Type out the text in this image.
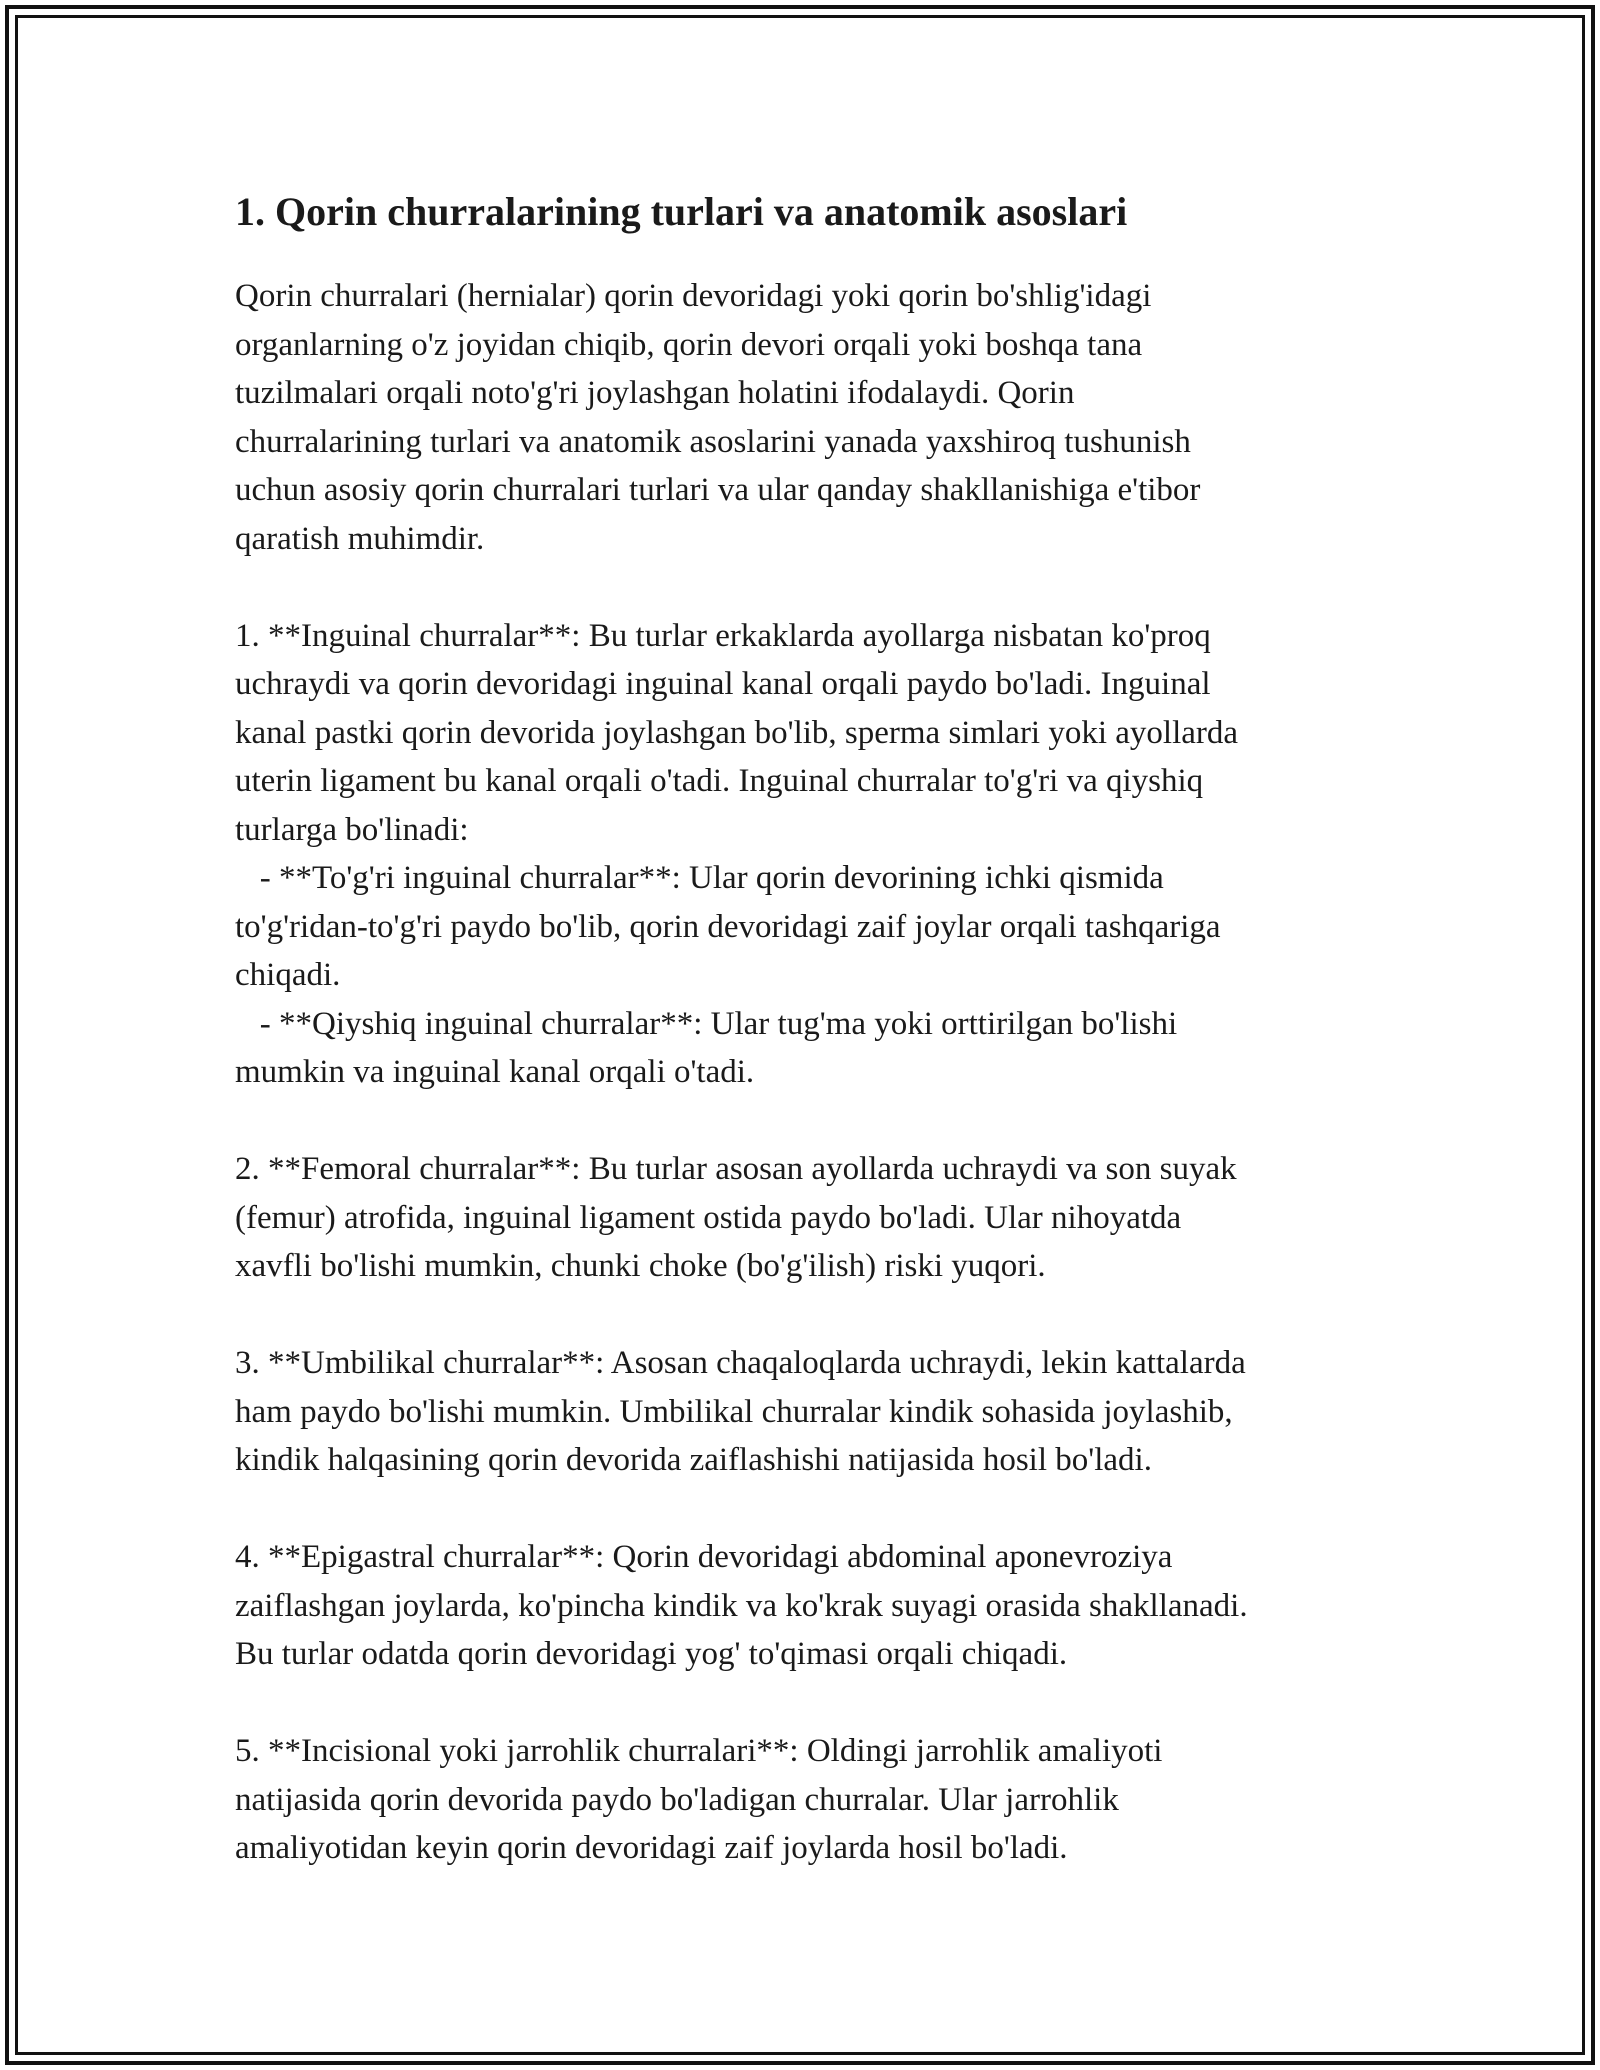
1. Qorin churralarining turlari va anatomik asoslari
Qorin churralari (hernialar) qorin devoridagi yoki qorin bo'shlig'idagi
organlarning o'z joyidan chiqib, qorin devori orqali yoki boshqa tana
tuzilmalari orqali noto'g'ri joylashgan holatini ifodalaydi. Qorin
churralarining turlari va anatomik asoslarini yanada yaxshiroq tushunish
uchun asosiy qorin churralari turlari va ular qanday shakllanishiga e'tibor
qaratish muhimdir.
1. **Inguinal churralar**: Bu turlar erkaklarda ayollarga nisbatan ko'proq
uchraydi va qorin devoridagi inguinal kanal orqali paydo bo'ladi. Inguinal
kanal pastki qorin devorida joylashgan bo'lib, sperma simlari yoki ayollarda
uterin ligament bu kanal orqali o'tadi. Inguinal churralar to'g'ri va qiyshiq
turlarga bo'linadi:
- **To'g'ri inguinal churralar**: Ular qorin devorining ichki qismida
to'g'ridan-to'g'ri paydo bo'lib, qorin devoridagi zaif joylar orqali tashqariga
chiqadi.
- **Qiyshiq inguinal churralar**: Ular tug'ma yoki orttirilgan bo'lishi
mumkin va inguinal kanal orqali o'tadi.
2. **Femoral churralar**: Bu turlar asosan ayollarda uchraydi va son suyak
(femur) atrofida, inguinal ligament ostida paydo bo'ladi. Ular nihoyatda
xavfli bo'lishi mumkin, chunki choke (bo'g'ilish) riski yuqori.
3. **Umbilikal churralar**: Asosan chaqaloqlarda uchraydi, lekin kattalarda
ham paydo bo'lishi mumkin. Umbilikal churralar kindik sohasida joylashib,
kindik halqasining qorin devorida zaiflashishi natijasida hosil bo'ladi.
4. **Epigastral churralar**: Qorin devoridagi abdominal aponevroziya
zaiflashgan joylarda, ko'pincha kindik va ko'krak suyagi orasida shakllanadi.
Bu turlar odatda qorin devoridagi yog' to'qimasi orqali chiqadi.
5. **Incisional yoki jarrohlik churralari**: Oldingi jarrohlik amaliyoti
natijasida qorin devorida paydo bo'ladigan churralar. Ular jarrohlik
amaliyotidan keyin qorin devoridagi zaif joylarda hosil bo'ladi.
